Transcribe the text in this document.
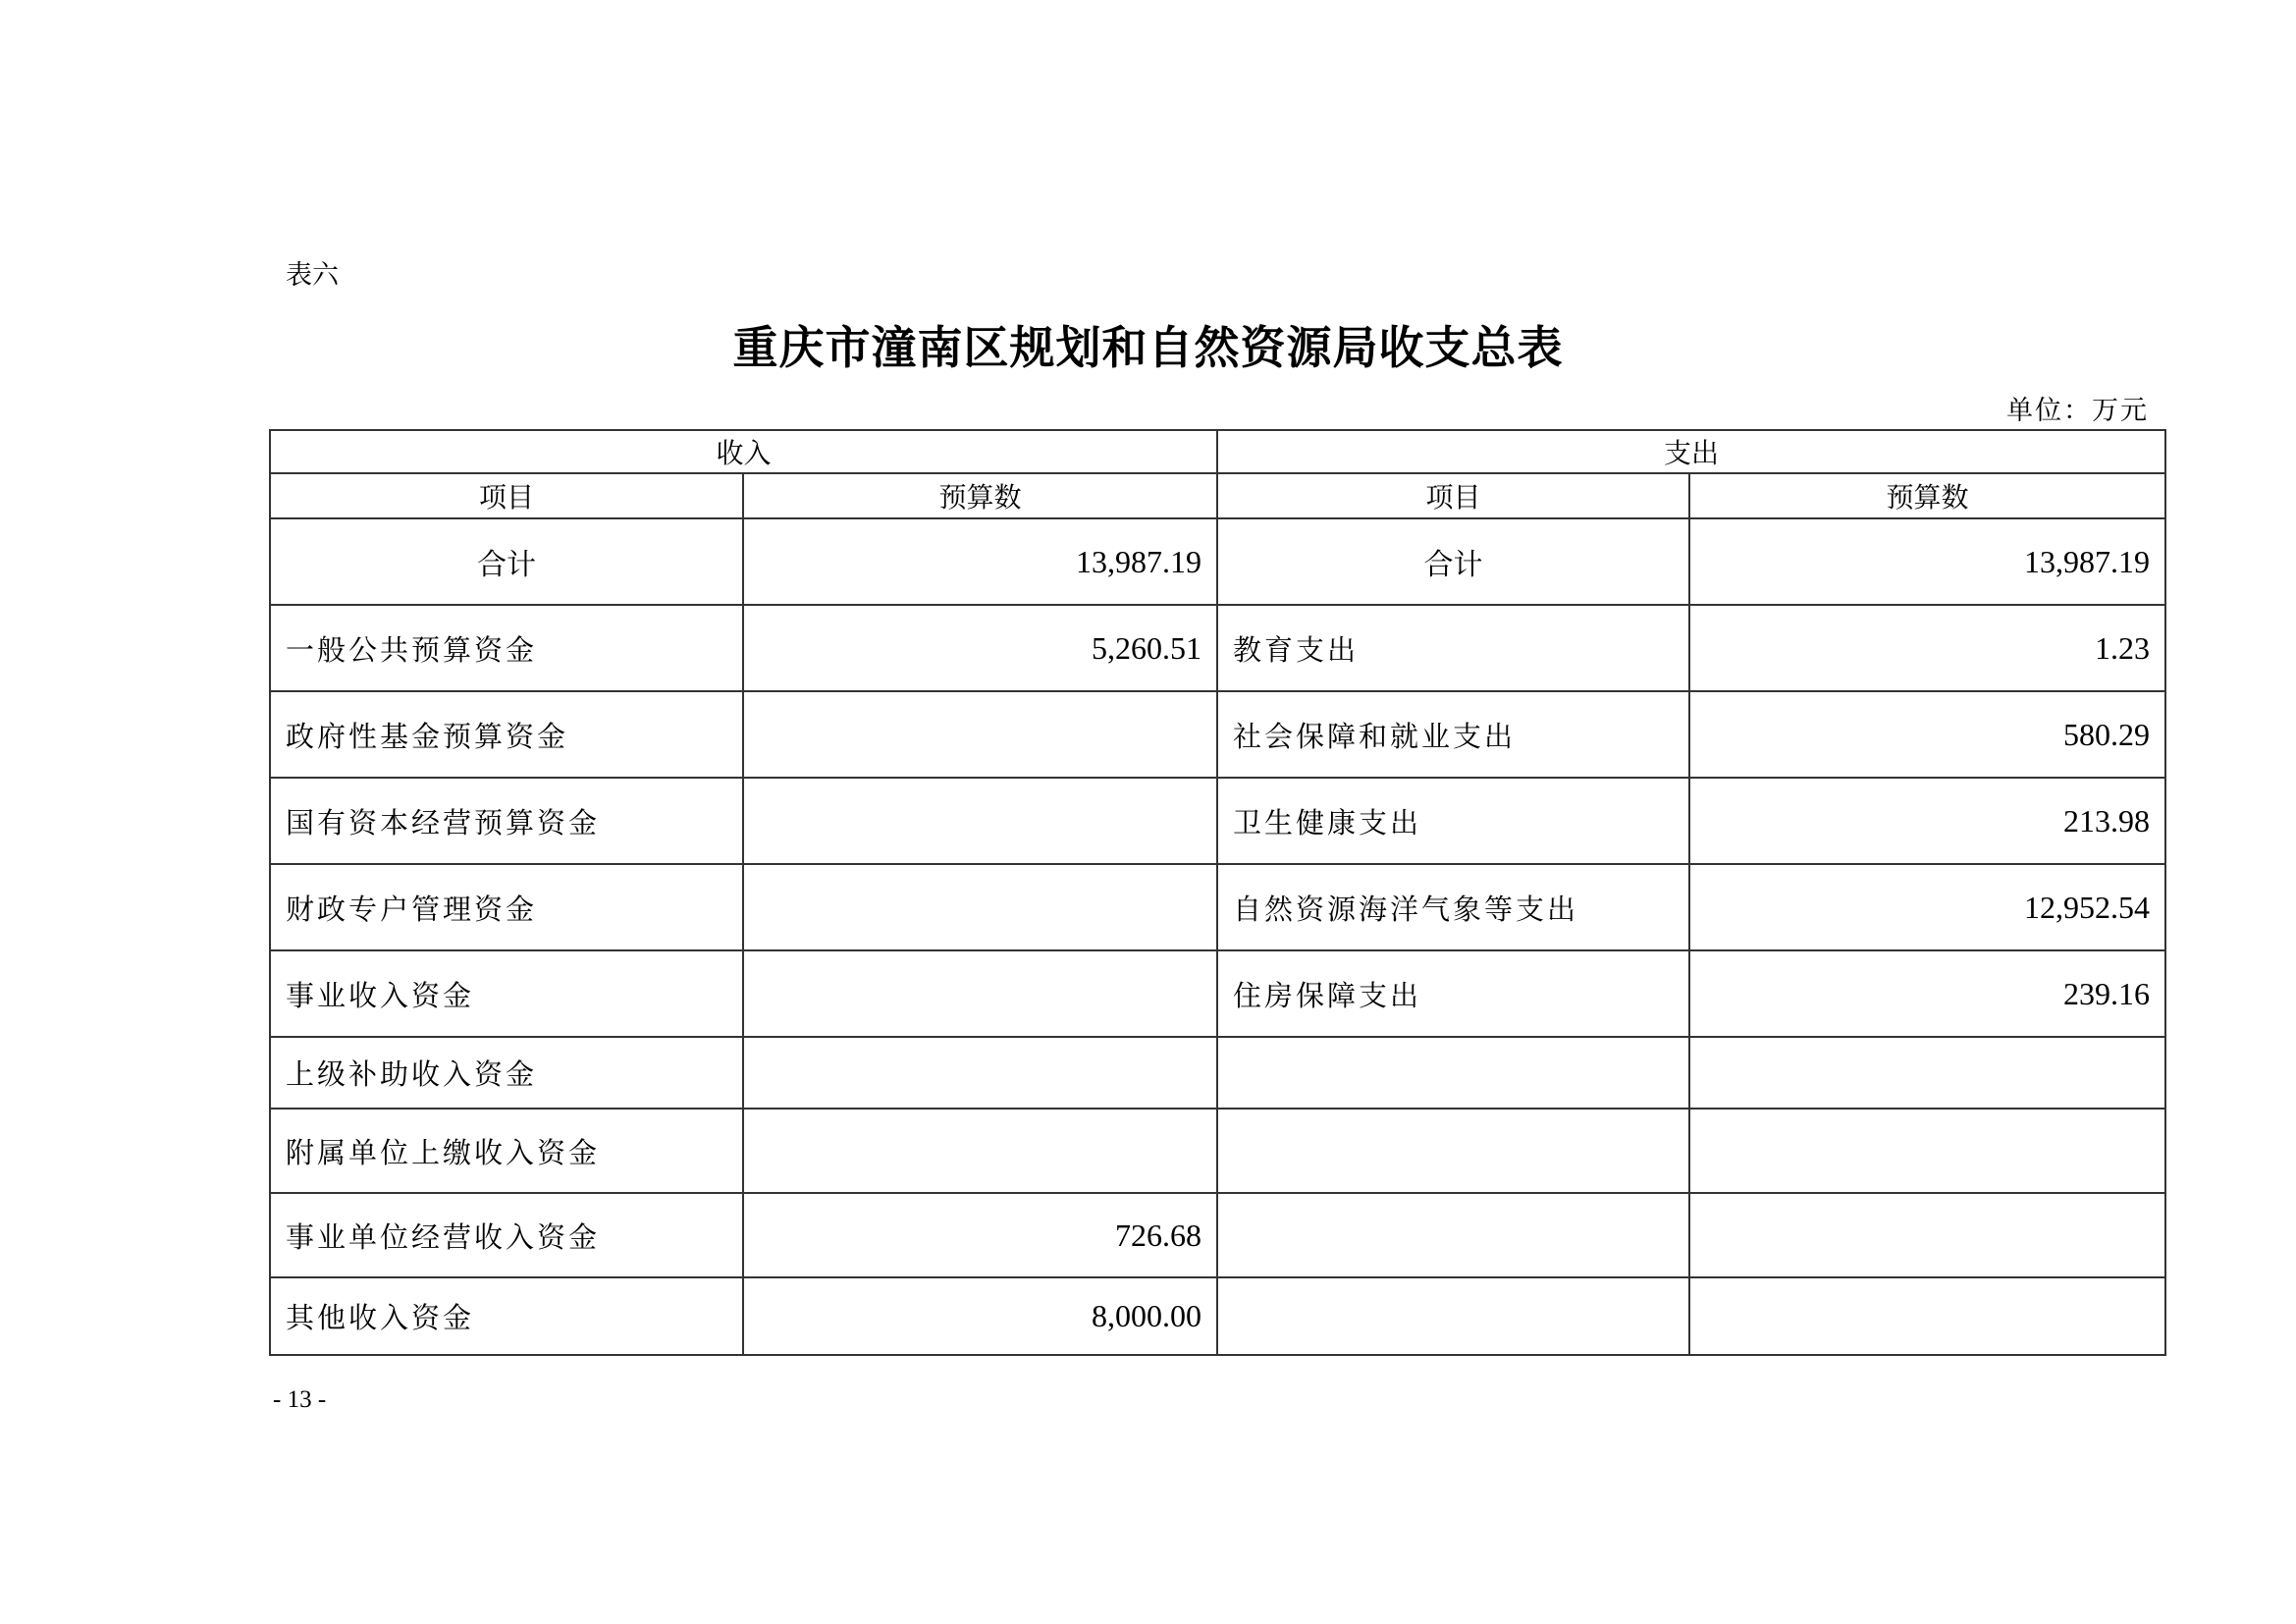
表六
重庆市潼南区规划和自然资源局收支总表
单位：万元
收入		支出	
项目	预算数	项目	预算数
合计	13,987.19	合计	13,987.19
一般公共预算资金	5,260.51	教育支出	1.23
政府性基金预算资金		社会保障和就业支出	580.29
国有资本经营预算资金		卫生健康支出	213.98
财政专户管理资金		自然资源海洋气象等支出	12,952.54
事业收入资金		住房保障支出	239.16
上级补助收入资金			
附属单位上缴收入资金			
事业单位经营收入资金	726.68		
其他收入资金	8,000.00		
- 13 -
